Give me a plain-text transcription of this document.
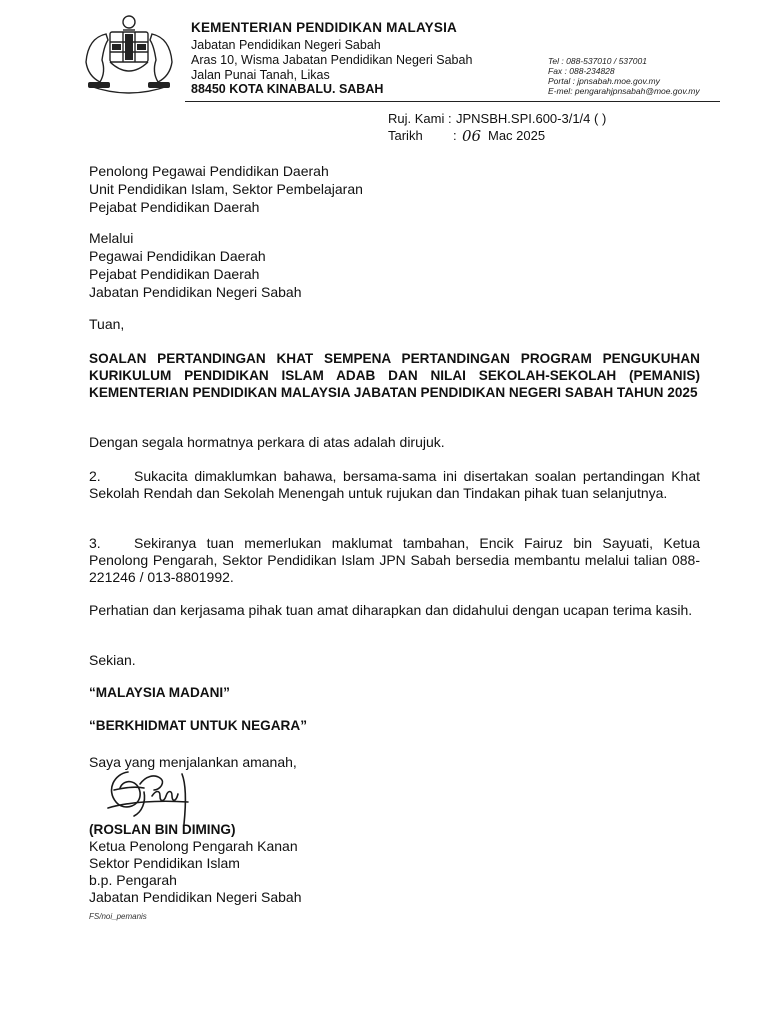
KEMENTERIAN PENDIDIKAN MALAYSIA
Jabatan Pendidikan Negeri Sabah
Aras 10, Wisma Jabatan Pendidikan Negeri Sabah
Jalan Punai Tanah, Likas
88450 KOTA KINABALU. SABAH
Tel : 088-537010 / 537001
Fax : 088-234828
Portal : jpnsabah.moe.gov.my
E-mel: pengarahjpnsabah@moe.gov.my
Ruj. Kami : JPNSBH.SPI.600-3/1/4 ( )
Tarikh : 06 Mac 2025
Penolong Pegawai Pendidikan Daerah
Unit Pendidikan Islam, Sektor Pembelajaran
Pejabat Pendidikan Daerah
Melalui
Pegawai Pendidikan Daerah
Pejabat Pendidikan Daerah
Jabatan Pendidikan Negeri Sabah
Tuan,
SOALAN PERTANDINGAN KHAT SEMPENA PERTANDINGAN PROGRAM PENGUKUHAN KURIKULUM PENDIDIKAN ISLAM ADAB DAN NILAI SEKOLAH-SEKOLAH (PEMANIS) KEMENTERIAN PENDIDIKAN MALAYSIA JABATAN PENDIDIKAN NEGERI SABAH TAHUN 2025
Dengan segala hormatnya perkara di atas adalah dirujuk.
2. Sukacita dimaklumkan bahawa, bersama-sama ini disertakan soalan pertandingan Khat Sekolah Rendah dan Sekolah Menengah untuk rujukan dan Tindakan pihak tuan selanjutnya.
3. Sekiranya tuan memerlukan maklumat tambahan, Encik Fairuz bin Sayuati, Ketua Penolong Pengarah, Sektor Pendidikan Islam JPN Sabah bersedia membantu melalui talian 088-221246 / 013-8801992.
Perhatian dan kerjasama pihak tuan amat diharapkan dan didahului dengan ucapan terima kasih.
Sekian.
“MALAYSIA MADANI”
“BERKHIDMAT UNTUK NEGARA”
Saya yang menjalankan amanah,
(ROSLAN BIN DIMING)
Ketua Penolong Pengarah Kanan
Sektor Pendidikan Islam
b.p. Pengarah
Jabatan Pendidikan Negeri Sabah
FS/noi_pemanis
